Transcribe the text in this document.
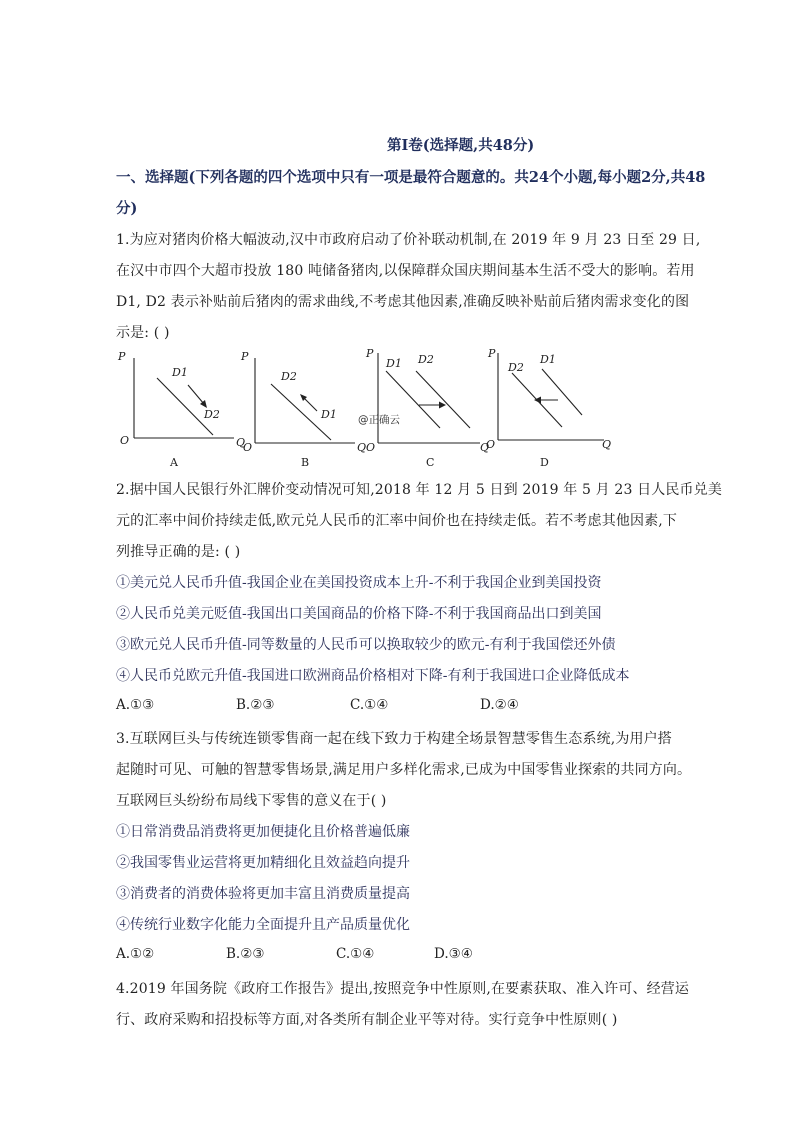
第Ⅰ卷(选择题,共48分)
一、选择题(下列各题的四个选项中只有一项是最符合题意的。共24个小题,每小题2分,共48
分)
1.为应对猪肉价格大幅波动,汉中市政府启动了价补联动机制,在 2019 年 9 月 23 日至 29 日,
在汉中市四个大超市投放 180 吨储备猪肉,以保障群众国庆期间基本生活不受大的影响。若用
D1, D2 表示补贴前后猪肉的需求曲线,不考虑其他因素,准确反映补贴前后猪肉需求变化的图
示是: ( )
P
Q
O
D1
D2
A
P
Q
O
D1
D2
B
P
Q
O
D1 D2
@正确云
C
P
Q
O
D1
D2
D
2.据中国人民银行外汇牌价变动情况可知,2018 年 12 月 5 日到 2019 年 5 月 23 日人民币兑美
元的汇率中间价持续走低,欧元兑人民币的汇率中间价也在持续走低。若不考虑其他因素,下
列推导正确的是: ( )
①美元兑人民币升值-我国企业在美国投资成本上升-不利于我国企业到美国投资
②人民币兑美元贬值-我国出口美国商品的价格下降-不利于我国商品出口到美国
③欧元兑人民币升值-同等数量的人民币可以换取较少的欧元-有利于我国偿还外债
④人民币兑欧元升值-我国进口欧洲商品价格相对下降-有利于我国进口企业降低成本
A.①③	B.②③	C.①④	D.②④
3.互联网巨头与传统连锁零售商一起在线下致力于构建全场景智慧零售生态系统,为用户搭
起随时可见、可触的智慧零售场景,满足用户多样化需求,已成为中国零售业探索的共同方向。
互联网巨头纷纷布局线下零售的意义在于( )
①日常消费品消费将更加便捷化且价格普遍低廉
②我国零售业运营将更加精细化且效益趋向提升
③消费者的消费体验将更加丰富且消费质量提高
④传统行业数字化能力全面提升且产品质量优化
A.①②	B.②③	C.①④	D.③④
4.2019 年国务院《政府工作报告》提出,按照竞争中性原则,在要素获取、准入许可、经营运
行、政府采购和招投标等方面,对各类所有制企业平等对待。实行竞争中性原则( )
